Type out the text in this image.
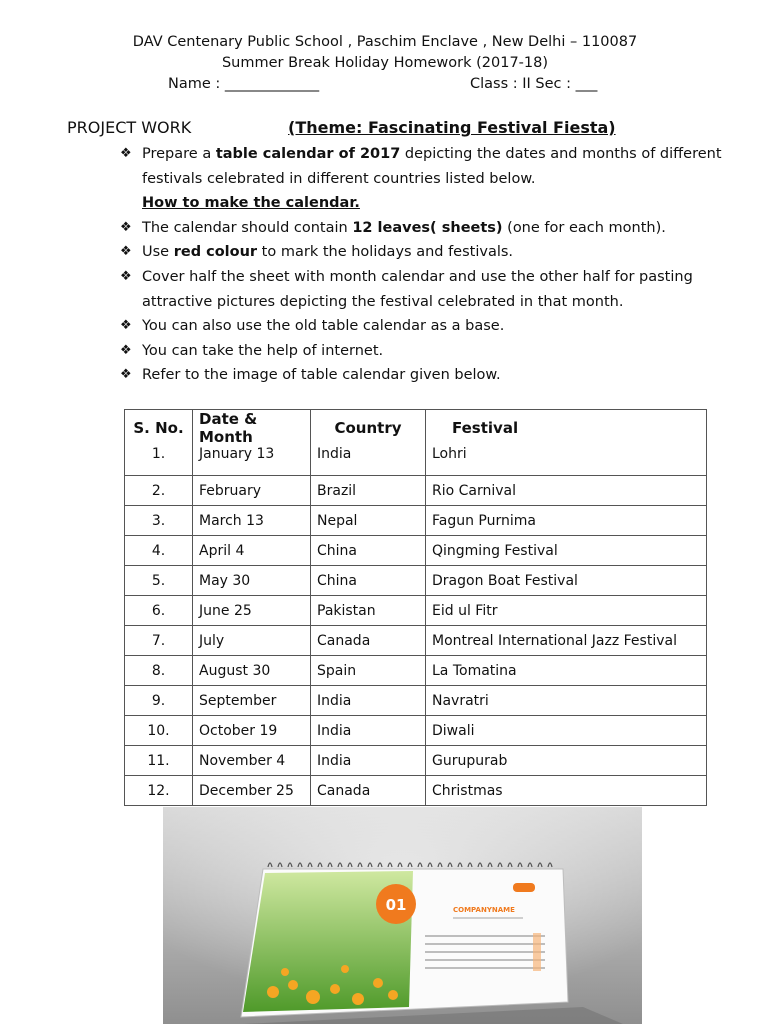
DAV Centenary Public School , Paschim Enclave , New Delhi – 110087
Summer Break Holiday Homework (2017-18)
Name : _____________	Class : II Sec : ___
PROJECT WORK	(Theme: Fascinating Festival Fiesta)
❖ Prepare a table calendar of 2017 depicting the dates and months of different
festivals celebrated in different countries listed below.
How to make the calendar.
❖ The calendar should contain 12 leaves( sheets) (one for each month).
❖ Use red colour to mark the holidays and festivals.
❖ Cover half the sheet with month calendar and use the other half for pasting
attractive pictures depicting the festival celebrated in that month.
❖ You can also use the old table calendar as a base.
❖ You can take the help of internet.
❖ Refer to the image of table calendar given below.
S. No.	Date & Month	Country	Festival
1.	January 13	India	Lohri
2.	February	Brazil	Rio Carnival
3.	March 13	Nepal	Fagun Purnima
4.	April 4	China	Qingming Festival
5.	May 30	China	Dragon Boat Festival
6.	June 25	Pakistan	Eid ul Fitr
7.	July	Canada	Montreal International Jazz Festival
8.	August 30	Spain	La Tomatina
9.	September	India	Navratri
10.	October 19	India	Diwali
11.	November 4	India	Gurupurab
12.	December 25	Canada	Christmas
01	COMPANYNAME
